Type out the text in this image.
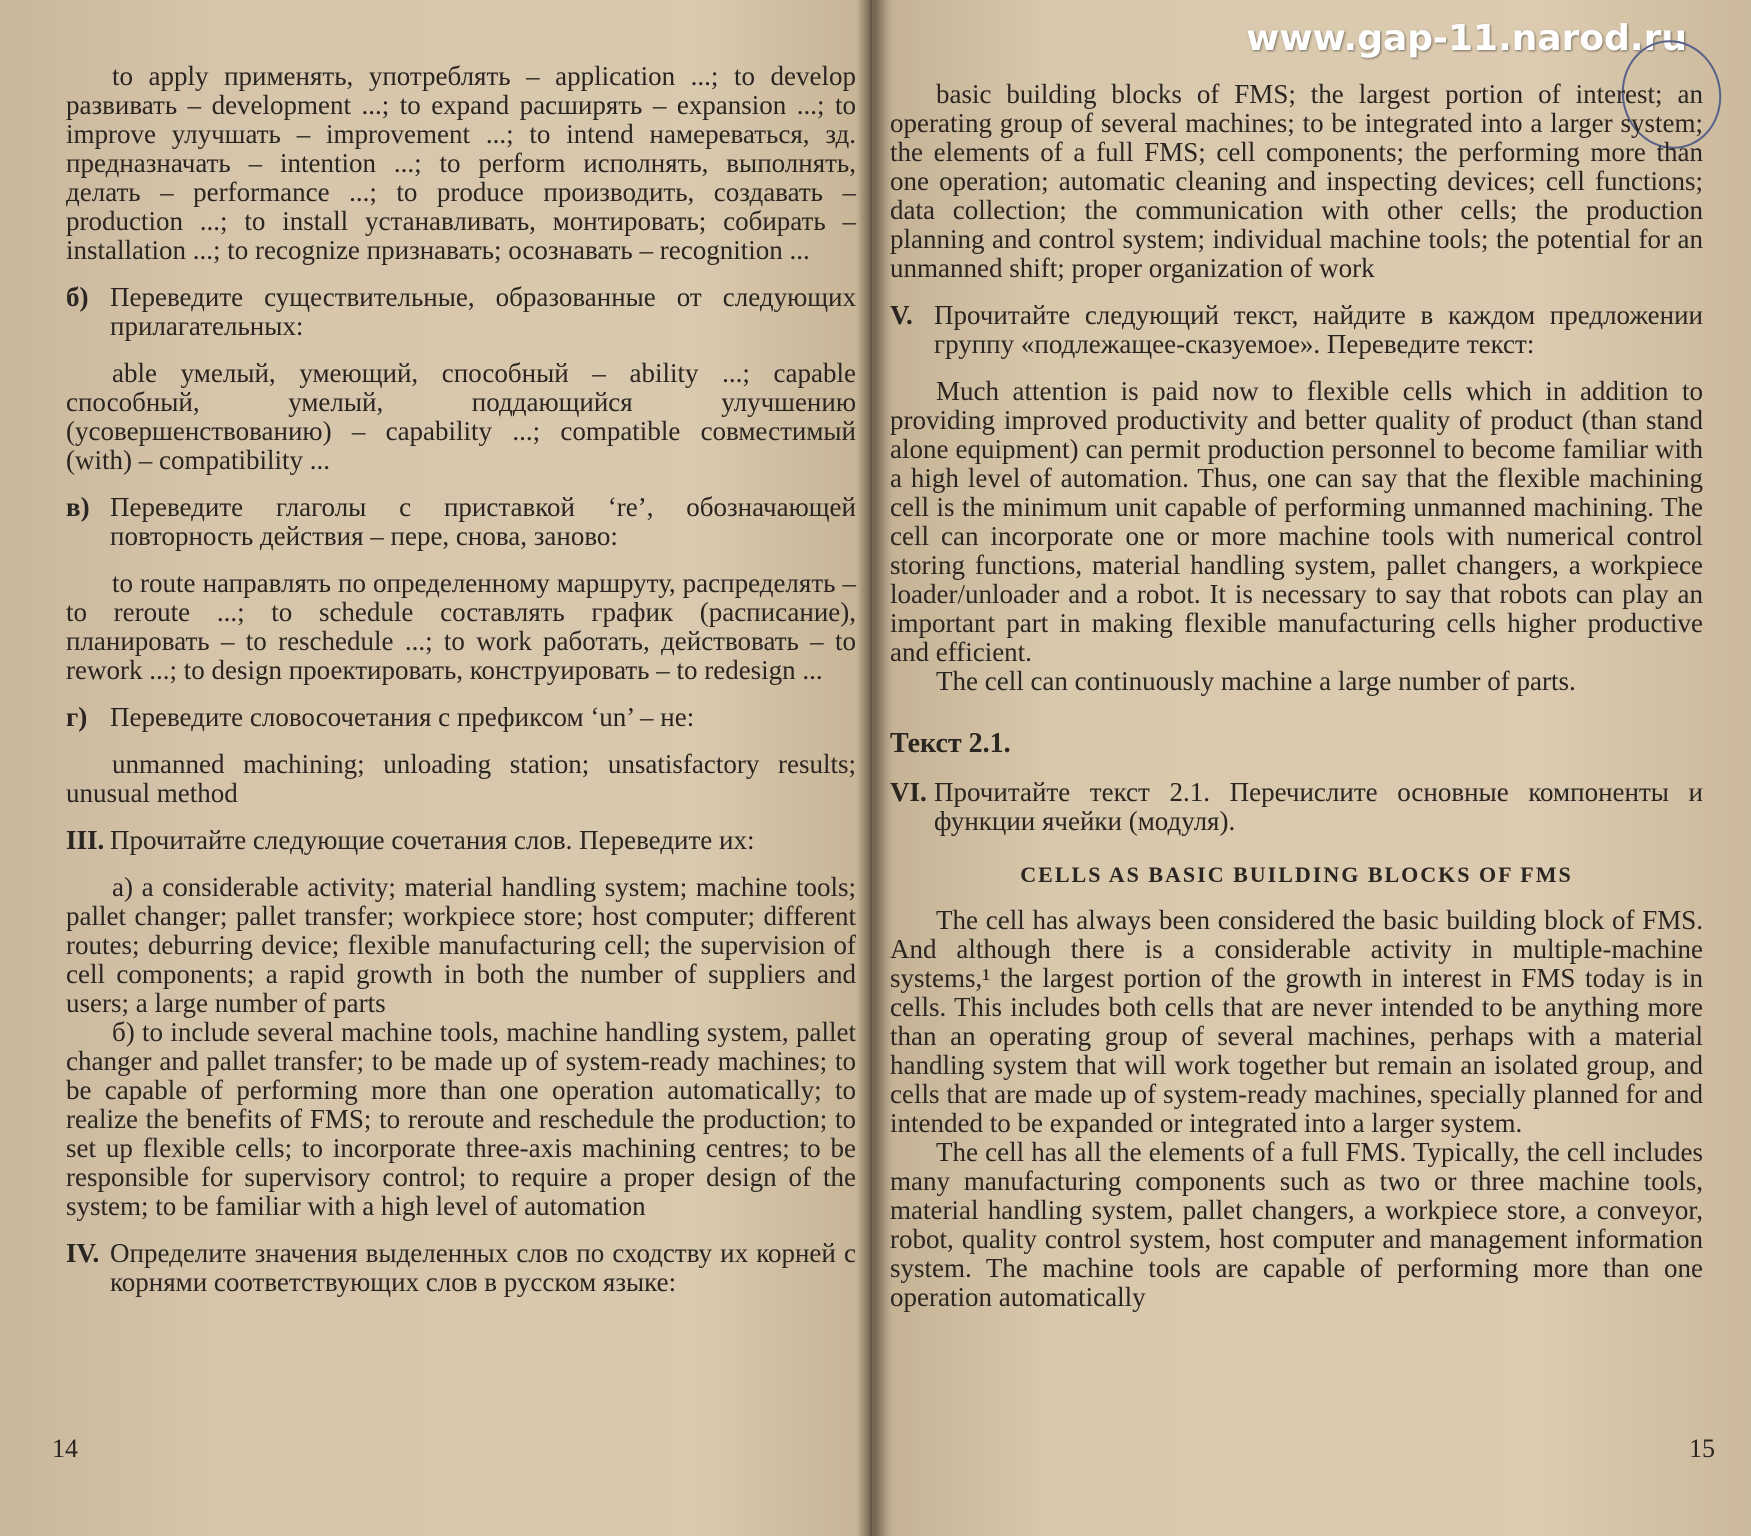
www.gap-11.narod.ru

to apply применять, употреблять – application ...; to develop развивать – development ...; to expand расширять – expansion ...; to improve улучшать – improvement ...; to intend намереваться, зд. предназначать – intention ...; to perform исполнять, выполнять, делать – performance ...; to produce производить, создавать – production ...; to install устанавливать, монтировать; собирать – installation ...; to recognize признавать; осознавать – recognition ...

б) Переведите существительные, образованные от следующих прилагательных:

able умелый, умеющий, способный – ability ...; capable способный, умелый, поддающийся улучшению (усовершенствованию) – capability ...; compatible совместимый (with) – compatibility ...

в) Переведите глаголы с приставкой ‘re’, обозначающей повторность действия – пере, снова, заново:

to route направлять по определенному маршруту, распределять – to reroute ...; to schedule составлять график (расписание), планировать – to reschedule ...; to work работать, действовать – to rework ...; to design проектировать, конструировать – to redesign ...

г) Переведите словосочетания с префиксом ‘un’ – не:

unmanned machining; unloading station; unsatisfactory results; unusual method

III. Прочитайте следующие сочетания слов. Переведите их:

а) a considerable activity; material handling system; machine tools; pallet changer; pallet transfer; workpiece store; host computer; different routes; deburring device; flexible manufacturing cell; the supervision of cell components; a rapid growth in both the number of suppliers and users; a large number of parts

б) to include several machine tools, machine handling system, pallet changer and pallet transfer; to be made up of system-ready machines; to be capable of performing more than one operation automatically; to realize the benefits of FMS; to reroute and reschedule the production; to set up flexible cells; to incorporate three-axis machining centres; to be responsible for supervisory control; to require a proper design of the system; to be familiar with a high level of automation

IV. Определите значения выделенных слов по сходству их корней с корнями соответствующих слов в русском языке:

14

basic building blocks of FMS; the largest portion of interest; an operating group of several machines; to be integrated into a larger system; the elements of a full FMS; cell components; the performing more than one operation; automatic cleaning and inspecting devices; cell functions; data collection; the communication with other cells; the production planning and control system; individual machine tools; the potential for an unmanned shift; proper organization of work

V. Прочитайте следующий текст, найдите в каждом предложении группу «подлежащее-сказуемое». Переведите текст:

Much attention is paid now to flexible cells which in addition to providing improved productivity and better quality of product (than stand alone equipment) can permit production personnel to become familiar with a high level of automation. Thus, one can say that the flexible machining cell is the minimum unit capable of performing unmanned machining. The cell can incorporate one or more machine tools with numerical control storing functions, material handling system, pallet changers, a workpiece loader/unloader and a robot. It is necessary to say that robots can play an important part in making flexible manufacturing cells higher productive and efficient.

The cell can continuously machine a large number of parts.

Текст 2.1.

VI. Прочитайте текст 2.1. Перечислите основные компоненты и функции ячейки (модуля).

CELLS AS BASIC BUILDING BLOCKS OF FMS

The cell has always been considered the basic building block of FMS. And although there is a considerable activity in multiple-machine systems,¹ the largest portion of the growth in interest in FMS today is in cells. This includes both cells that are never intended to be anything more than an operating group of several machines, perhaps with a material handling system that will work together but remain an isolated group, and cells that are made up of system-ready machines, specially planned for and intended to be expanded or integrated into a larger system.

The cell has all the elements of a full FMS. Typically, the cell includes many manufacturing components such as two or three machine tools, material handling system, pallet changers, a workpiece store, a conveyor, robot, quality control system, host computer and management information system. The machine tools are capable of performing more than one operation automatically

15
